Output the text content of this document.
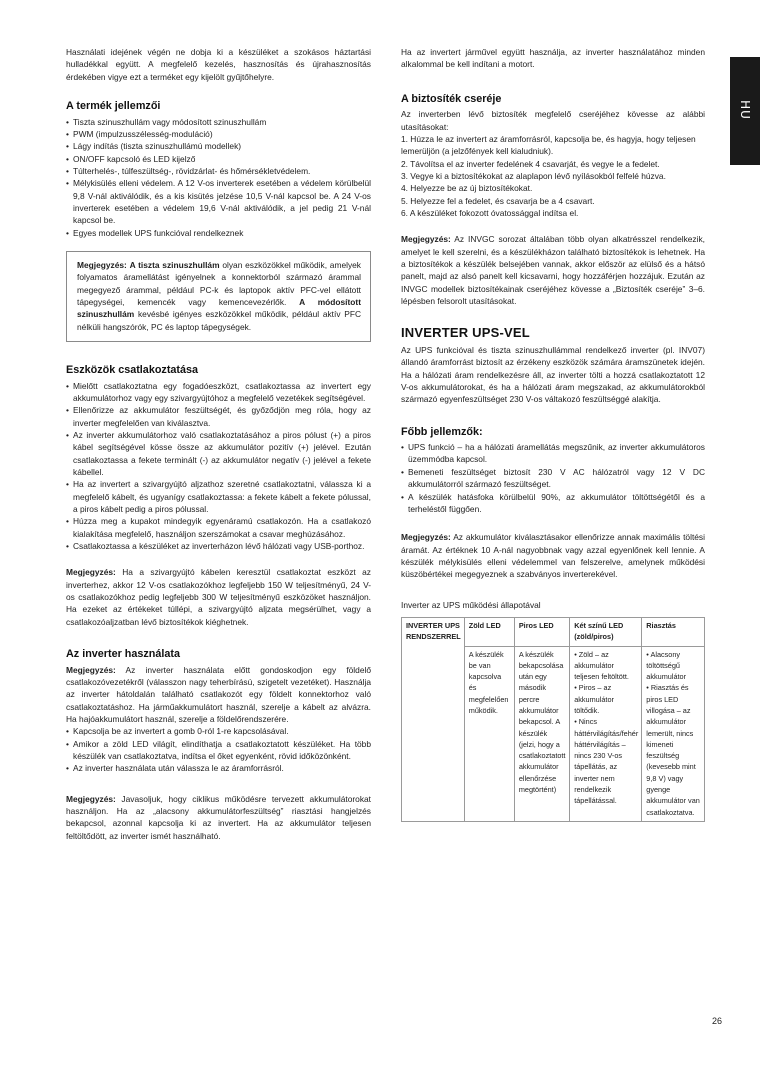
Használati idejének végén ne dobja ki a készüléket a szokásos háztartási hulladékkal együtt. A megfelelő kezelés, hasznosítás és újrahasznosítás érdekében vigye ezt a terméket egy kijelölt gyűjtőhelyre.

A termék jellemzői
• Tiszta szinuszhullám vagy módosított szinuszhullám
• PWM (impulzusszélesség-moduláció)
• Lágy indítás (tiszta szinuszhullámú modellek)
• ON/OFF kapcsoló és LED kijelző
• Túlterhelés-, túlfeszültség-, rövidzárlat- és hőmérsékletvédelem.
• Mélykisülés elleni védelem. A 12 V-os inverterek esetében a védelem körülbelül 9,8 V-nál aktiválódik, és a kis kisütés jelzése 10,5 V-nál kapcsol be. A 24 V-os inverterek esetében a védelem 19,6 V-nál aktiválódik, a jel pedig 21 V-nál kapcsol be.
• Egyes modellek UPS funkcióval rendelkeznek

Megjegyzés: A tiszta szinuszhullám olyan eszközökkel működik, amelyek folyamatos áramellátást igényelnek a konnektorból származó árammal megegyező árammal, például PC-k és laptopok aktív PFC-vel ellátott tápegységei, kemencék vagy kemencevezérlők. A módosított szinuszhullám kevésbé igényes eszközökkel működik, például aktív PFC nélküli hangszórók, PC és laptop tápegységek.

Eszközök csatlakoztatása
• Mielőtt csatlakoztatna egy fogadóeszközt, csatlakoztassa az invertert egy akkumulátorhoz vagy egy szivargyújtóhoz a megfelelő vezetékek segítségével.
• Ellenőrizze az akkumulátor feszültségét, és győződjön meg róla, hogy az inverter megfelelően van kiválasztva.
• Az inverter akkumulátorhoz való csatlakoztatásához a piros pólust (+) a piros kábel segítségével kösse össze az akkumulátor pozitív (+) jelével. Ezután csatlakoztassa a fekete terminált (-) az akkumulátor negatív (-) jelével a fekete kábellel.
• Ha az invertert a szivargyújtó aljzathoz szeretné csatlakoztatni, válassza ki a megfelelő kábelt, és ugyanígy csatlakoztassa: a fekete kábelt a fekete pólussal, a piros kábelt pedig a piros pólussal.
• Húzza meg a kupakot mindegyik egyenáramú csatlakozón. Ha a csatlakozó kialakítása megfelelő, használjon szerszámokat a csavar meghúzásához.
• Csatlakoztassa a készüléket az inverterházon lévő hálózati vagy USB-porthoz.

Megjegyzés: Ha a szivargyújtó kábelen keresztül csatlakoztat eszközt az inverterhez, akkor 12 V-os csatlakozókhoz legfeljebb 150 W teljesítményű, 24 V-os csatlakozókhoz pedig legfeljebb 300 W teljesítményű eszközöket használjon. Ha ezeket az értékeket túllépi, a szivargyújtó aljzata megsérülhet, vagy a csatlakozóaljzatban lévő biztosítékok kiéghetnek.

Az inverter használata

Megjegyzés: Az inverter használata előtt gondoskodjon egy földelő csatlakozóvezetékről (válasszon nagy teherbírású, szigetelt vezetéket). Használja az inverter hátoldalán található csatlakozót egy földelt konnektorhoz való csatlakoztatáshoz. Ha járműakkumulátort használ, szerelje a kábelt az alvázra. Ha hajóakkumulátort használ, szerelje a földelőrendszerére.

• Kapcsolja be az invertert a gomb 0-ról 1-re kapcsolásával.
• Amikor a zöld LED világít, elindíthatja a csatlakoztatott készüléket. Ha több készülék van csatlakoztatva, indítsa el őket egyenként, rövid időközönként.
• Az inverter használata után válassza le az áramforrásról.

Megjegyzés: Javasoljuk, hogy ciklikus működésre tervezett akkumulátorokat használjon. Ha az „alacsony akkumulátorfeszültség” riasztási hangjelzés bekapcsol, azonnal kapcsolja ki az invertert. Ha az akkumulátor teljesen feltöltődött, az inverter ismét használható.

Ha az invertert járművel együtt használja, az inverter használatához minden alkalommal be kell indítani a motort.

A biztosíték cseréje

Az inverterben lévő biztosíték megfelelő cseréjéhez kövesse az alábbi utasításokat:

1. Húzza le az invertert az áramforrásról, kapcsolja be, és hagyja, hogy teljesen lemerüljön (a jelzőfények kell kialudniuk).
2. Távolítsa el az inverter fedelének 4 csavarját, és vegye le a fedelet.
3. Vegye ki a biztosítékokat az alaplapon lévő nyílásokból felfelé húzva.
4. Helyezze be az új biztosítékokat.
5. Helyezze fel a fedelet, és csavarja be a 4 csavart.
6. A készüléket fokozott óvatossággal indítsa el.

Megjegyzés: Az INVGC sorozat általában több olyan alkatrésszel rendelkezik, amelyet le kell szerelni, és a készülékházon található biztosítékok is lehetnek. Ha a biztosítékok a készülék belsejében vannak, akkor először az elülső és a hátsó panelt, majd az alsó panelt kell kicsavarni, hogy hozzáférjen hozzájuk. Ezután az INVGC modellek biztosítékainak cseréjéhez kövesse a „Biztosíték cseréje” 3–6. lépésben felsorolt utasításokat.

INVERTER UPS-VEL

Az UPS funkcióval és tiszta szinuszhullámmal rendelkező inverter (pl. INV07) állandó áramforrást biztosít az érzékeny eszközök számára áramszünetek idején. Ha a hálózati áram rendelkezésre áll, az inverter tölti a hozzá csatlakoztatott 12 V-os akkumulátorokat, és ha a hálózati áram megszakad, az akkumulátorokból származó egyenfeszültséget 230 V-os váltakozó feszültséggé alakítja.

Főbb jellemzők:
• UPS funkció – ha a hálózati áramellátás megszűnik, az inverter akkumulátoros üzemmódba kapcsol.
• Bemeneti feszültséget biztosít 230 V AC hálózatról vagy 12 V DC akkumulátorról származó feszültséget.
• A készülék hatásfoka körülbelül 90%, az akkumulátor töltöttségétől és a terheléstől függően.

Megjegyzés: Az akkumulátor kiválasztásakor ellenőrizze annak maximális töltési áramát. Az értéknek 10 A-nál nagyobbnak vagy azzal egyenlőnek kell lennie. A készülék mélykisülés elleni védelemmel van felszerelve, amelynek működési küszöbértékei megegyeznek a szabványos inverterekével.

Inverter az UPS működési állapotával

INVERTER UPS RENDSZERREL	Zöld LED	Piros LED	Két színű LED (zöld/piros)	Riasztás
	A készülék be van kapcsolva és megfelelően működik.	A készülék bekapcsolása után egy második percre akkumulátor bekapcsol. A készülék (jelzi, hogy a csatlakoztatott akkumulátor ellenőrzése megtörtént)	• Zöld – az akkumulátor teljesen feltöltött.
• Piros – az akkumulátor töltődik.
• Nincs háttérvilágítás/fehér háttérvilágítás – nincs 230 V-os tápellátás, az inverter nem rendelkezik tápellátással.	• Alacsony töltöttségű akkumulátor
• Riasztás és piros LED villogása – az akkumulátor lemerült, nincs kimeneti feszültség (kevesebb mint 9,8 V) vagy gyenge akkumulátor van csatlakoztatva.
HU
26
